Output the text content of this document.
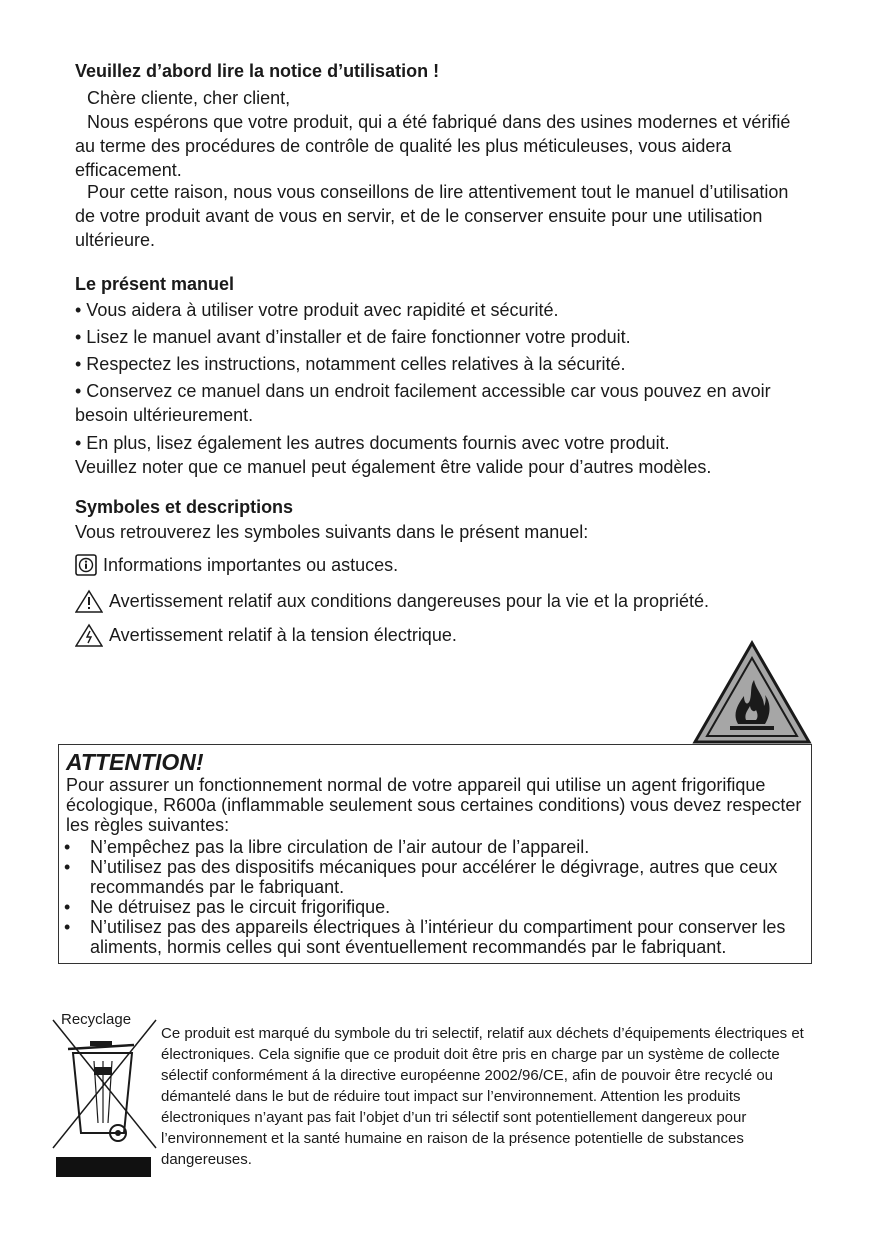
Veuillez d’abord lire la notice d’utilisation !
Chère cliente, cher client,
Nous espérons que votre produit, qui a été fabriqué dans des usines modernes et vérifié au terme des procédures de contrôle de qualité les plus méticuleuses, vous aidera efficacement.
Pour cette raison, nous vous conseillons de lire attentivement tout le manuel d’utilisation de votre produit avant de vous en servir, et de le conserver ensuite pour une utilisation ultérieure.
Le présent manuel
• Vous aidera à utiliser votre produit avec rapidité et sécurité.
• Lisez le manuel avant d’installer et de faire fonctionner votre produit.
• Respectez les instructions, notamment celles relatives à la sécurité.
• Conservez ce manuel dans un endroit facilement accessible car vous pouvez en avoir besoin ultérieurement.
• En plus, lisez également les autres documents fournis avec votre produit.
Veuillez noter que ce manuel peut également être valide pour d’autres modèles.
Symboles et descriptions
Vous retrouverez les symboles suivants dans le présent manuel:
Informations importantes ou astuces.
Avertissement relatif aux conditions dangereuses pour la vie et la propriété.
Avertissement relatif à la tension électrique.
ATTENTION!
Pour assurer un fonctionnement normal de votre appareil qui utilise un agent frigorifique écologique, R600a (inflammable seulement sous certaines conditions) vous devez respecter les règles suivantes:
• N’empêchez pas la libre circulation de l’air autour de l’appareil.
• N’utilisez pas des dispositifs mécaniques pour accélérer le dégivrage, autres que ceux recommandés par le fabriquant.
• Ne détruisez pas le circuit frigorifique.
• N’utilisez pas des appareils électriques à l’intérieur du compartiment pour conserver les aliments, hormis celles qui sont éventuellement recommandés par le fabriquant.
Recyclage
Ce produit est marqué du symbole du tri selectif, relatif aux déchets d’équipements électriques et électroniques. Cela signifie que ce produit doit être pris en charge par un système de collecte sélectif conformément á la directive européenne 2002/96/CE, afin de pouvoir être recyclé ou démantelé dans le but de réduire tout impact sur l’environnement. Attention les produits électroniques n’ayant pas fait l’objet d’un tri sélectif sont potentiellement dangereux pour l’environnement et la santé humaine en raison de la présence potentielle de substances dangereuses.
